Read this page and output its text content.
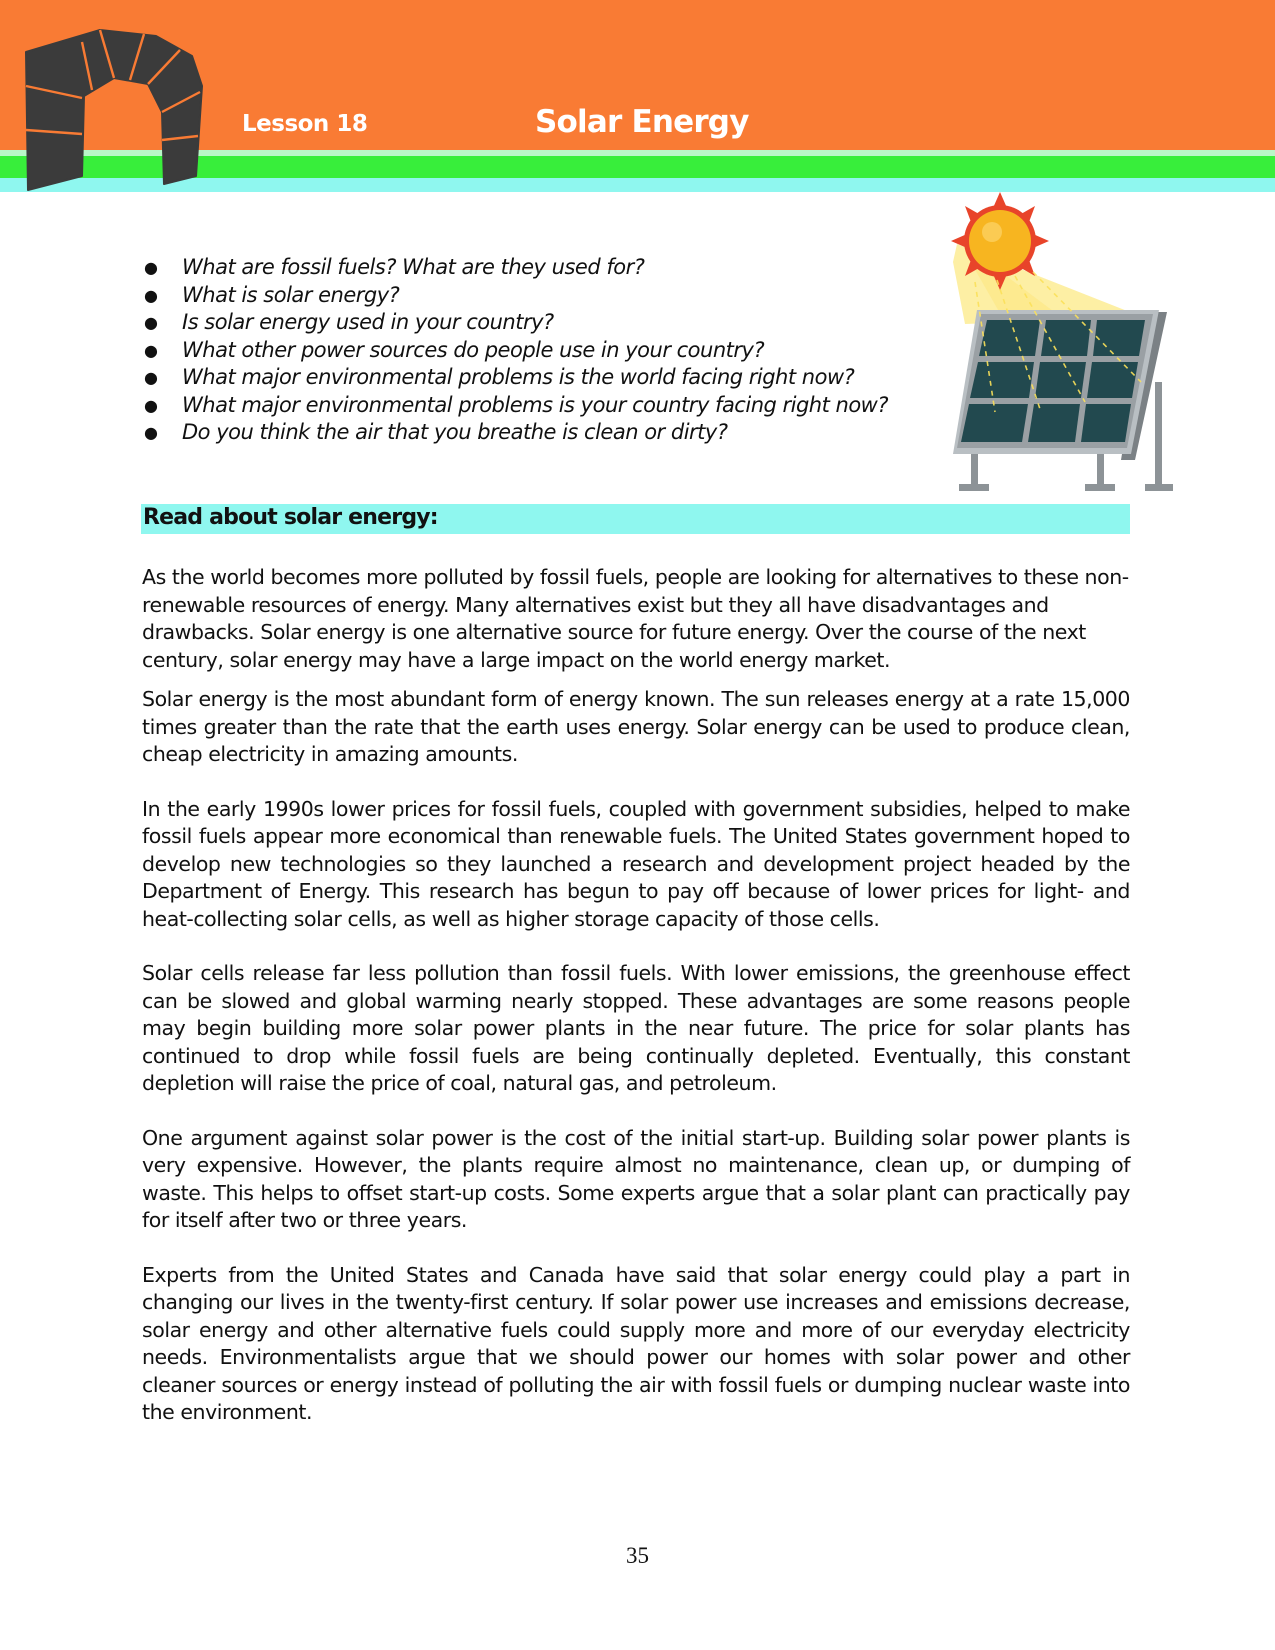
Lesson 18	Solar Energy
● What are fossil fuels? What are they used for?
● What is solar energy?
● Is solar energy used in your country?
● What other power sources do people use in your country?
● What major environmental problems is the world facing right now?
● What major environmental problems is your country facing right now?
● Do you think the air that you breathe is clean or dirty?
Read about solar energy:

As the world becomes more polluted by fossil fuels, people are looking for alternatives to these non-renewable resources of energy. Many alternatives exist but they all have disadvantages and drawbacks. Solar energy is one alternative source for future energy. Over the course of the next century, solar energy may have a large impact on the world energy market.

Solar energy is the most abundant form of energy known. The sun releases energy at a rate 15,000 times greater than the rate that the earth uses energy. Solar energy can be used to produce clean, cheap electricity in amazing amounts.

In the early 1990s lower prices for fossil fuels, coupled with government subsidies, helped to make fossil fuels appear more economical than renewable fuels. The United States government hoped to develop new technologies so they launched a research and development project headed by the Department of Energy. This research has begun to pay off because of lower prices for light- and heat-collecting solar cells, as well as higher storage capacity of those cells.

Solar cells release far less pollution than fossil fuels. With lower emissions, the greenhouse effect can be slowed and global warming nearly stopped. These advantages are some reasons people may begin building more solar power plants in the near future. The price for solar plants has continued to drop while fossil fuels are being continually depleted. Eventually, this constant depletion will raise the price of coal, natural gas, and petroleum.

One argument against solar power is the cost of the initial start-up. Building solar power plants is very expensive. However, the plants require almost no maintenance, clean up, or dumping of waste. This helps to offset start-up costs. Some experts argue that a solar plant can practically pay for itself after two or three years.

Experts from the United States and Canada have said that solar energy could play a part in changing our lives in the twenty-first century. If solar power use increases and emissions decrease, solar energy and other alternative fuels could supply more and more of our everyday electricity needs. Environmentalists argue that we should power our homes with solar power and other cleaner sources or energy instead of polluting the air with fossil fuels or dumping nuclear waste into the environment.

35
